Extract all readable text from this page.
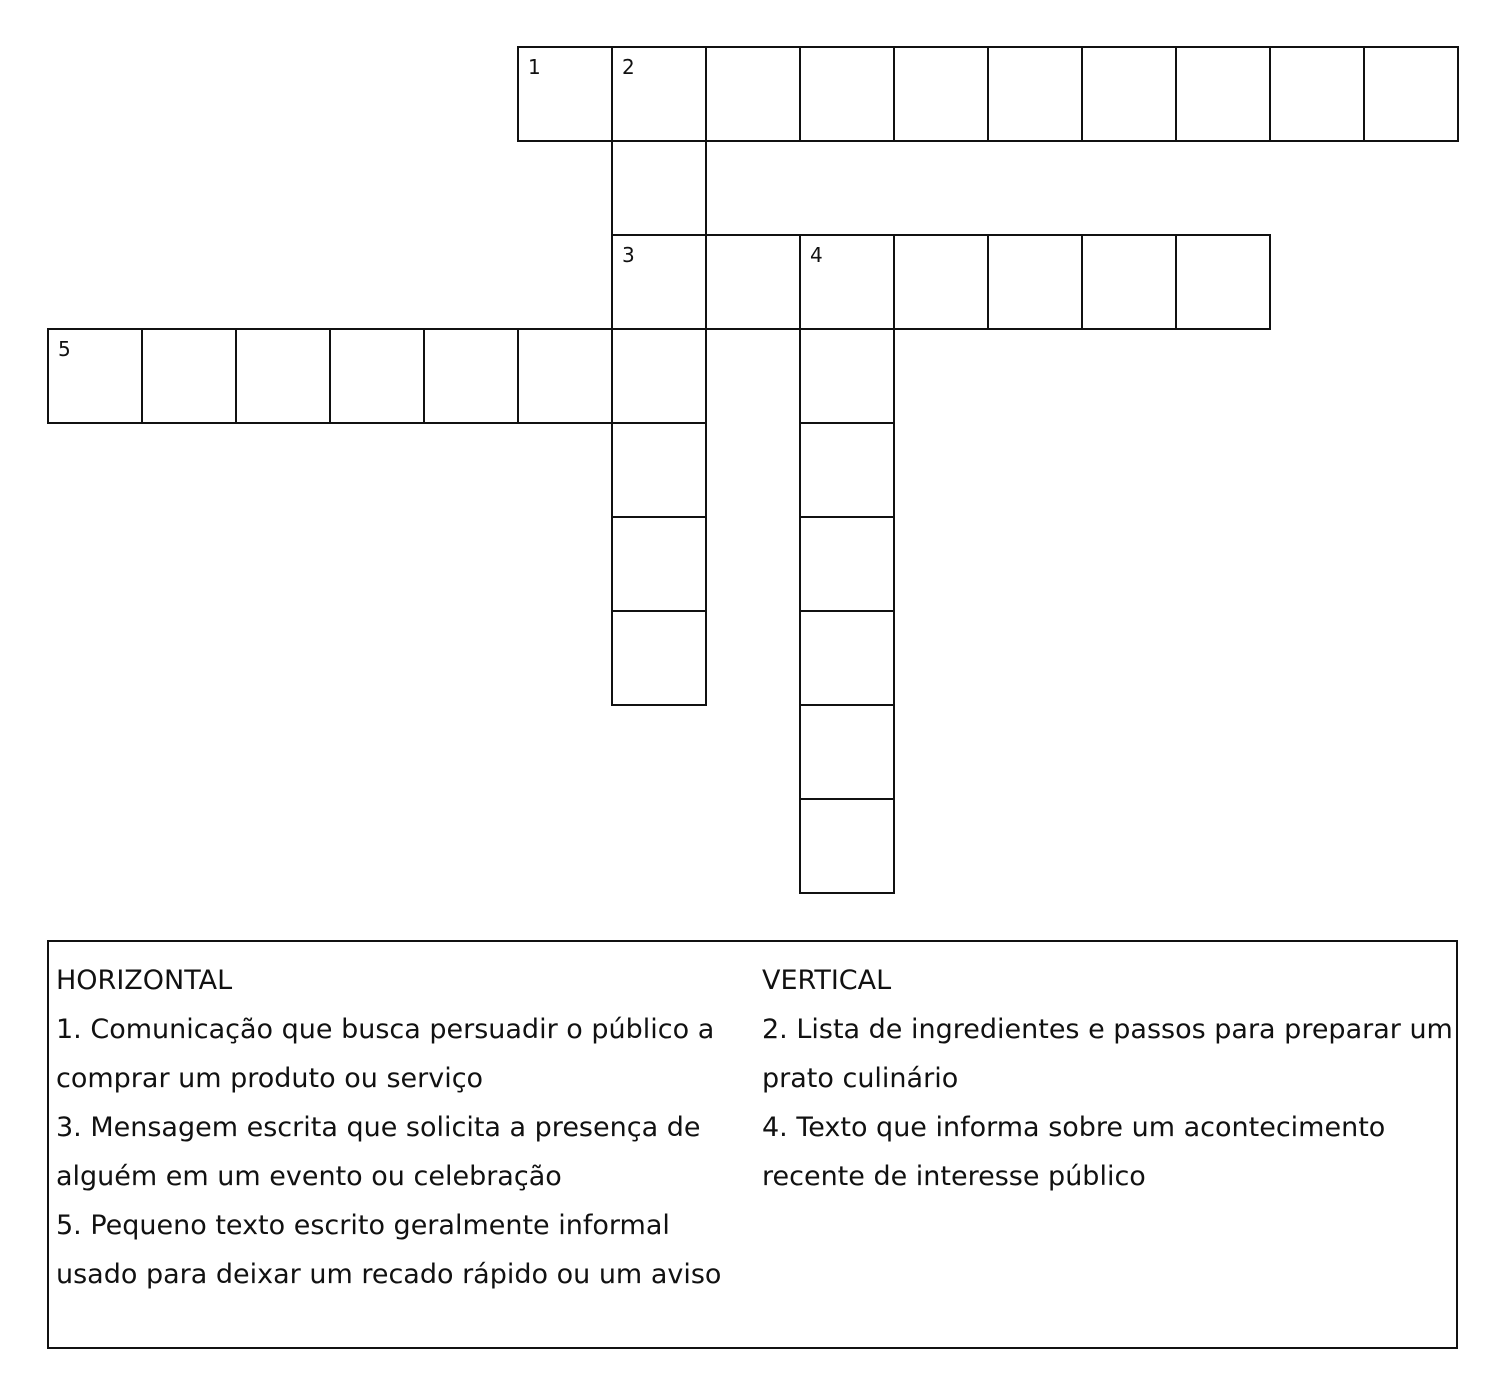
1	2
3	4
5
HORIZONTAL
1. Comunicação que busca persuadir o público a
comprar um produto ou serviço
3. Mensagem escrita que solicita a presença de
alguém em um evento ou celebração
5. Pequeno texto escrito geralmente informal
usado para deixar um recado rápido ou um aviso
VERTICAL
2. Lista de ingredientes e passos para preparar um
prato culinário
4. Texto que informa sobre um acontecimento
recente de interesse público
